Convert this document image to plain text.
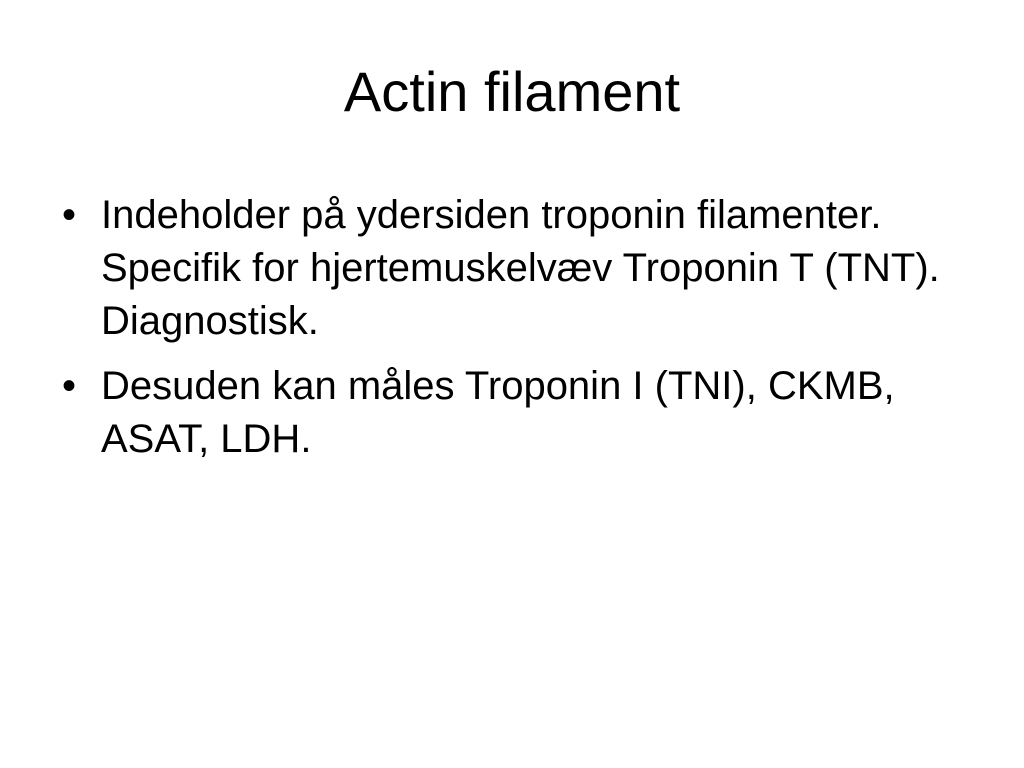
Actin filament
• Indeholder på ydersiden troponin filamenter. Specifik for hjertemuskelvæv Troponin T (TNT). Diagnostisk.
• Desuden kan måles Troponin I (TNI), CKMB, ASAT, LDH.
